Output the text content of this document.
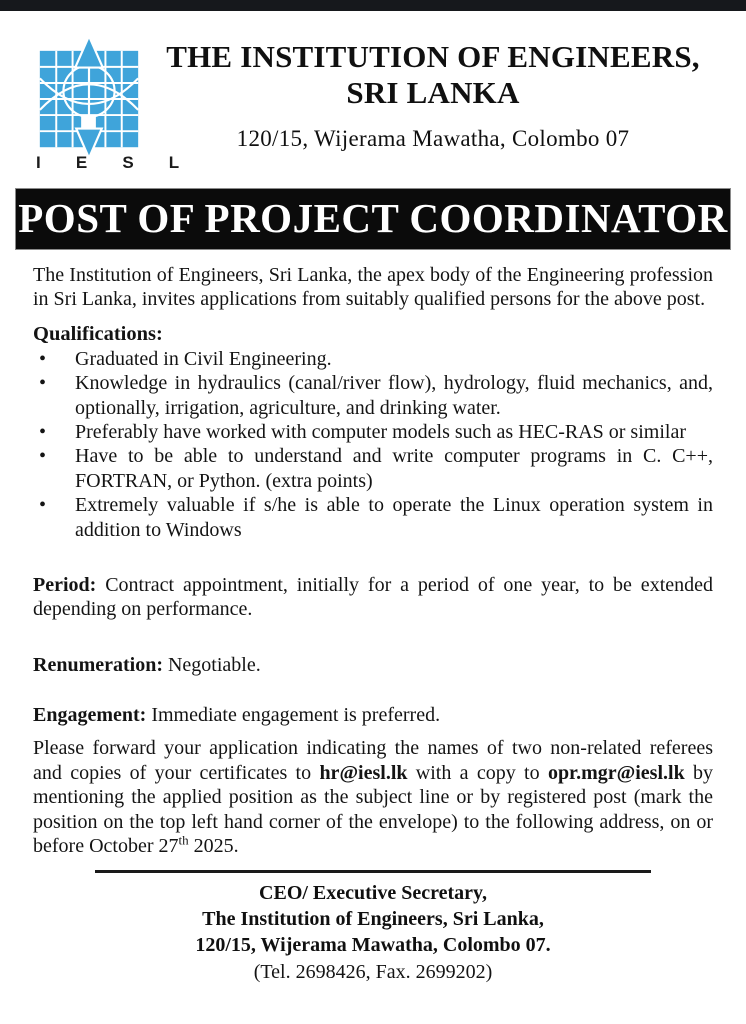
I  E  S  L
THE INSTITUTION OF ENGINEERS,
SRI LANKA
120/15, Wijerama Mawatha, Colombo 07
POST OF PROJECT COORDINATOR

The Institution of Engineers, Sri Lanka, the apex body of the Engineering profession in Sri Lanka, invites applications from suitably qualified persons for the above post.

Qualifications:
• Graduated in Civil Engineering.
• Knowledge in hydraulics (canal/river flow), hydrology, fluid mechanics, and, optionally, irrigation, agriculture, and drinking water.
• Preferably have worked with computer models such as HEC-RAS or similar
• Have to be able to understand and write computer programs in C. C++, FORTRAN, or Python. (extra points)
• Extremely valuable if s/he is able to operate the Linux operation system in addition to Windows

Period: Contract appointment, initially for a period of one year, to be extended depending on performance.

Renumeration: Negotiable.

Engagement: Immediate engagement is preferred.

Please forward your application indicating the names of two non-related referees and copies of your certificates to hr@iesl.lk with a copy to opr.mgr@iesl.lk by mentioning the applied position as the subject line or by registered post (mark the position on the top left hand corner of the envelope) to the following address, on or before October 27th 2025.

CEO/ Executive Secretary,
The Institution of Engineers, Sri Lanka,
120/15, Wijerama Mawatha, Colombo 07.
(Tel. 2698426, Fax. 2699202)
